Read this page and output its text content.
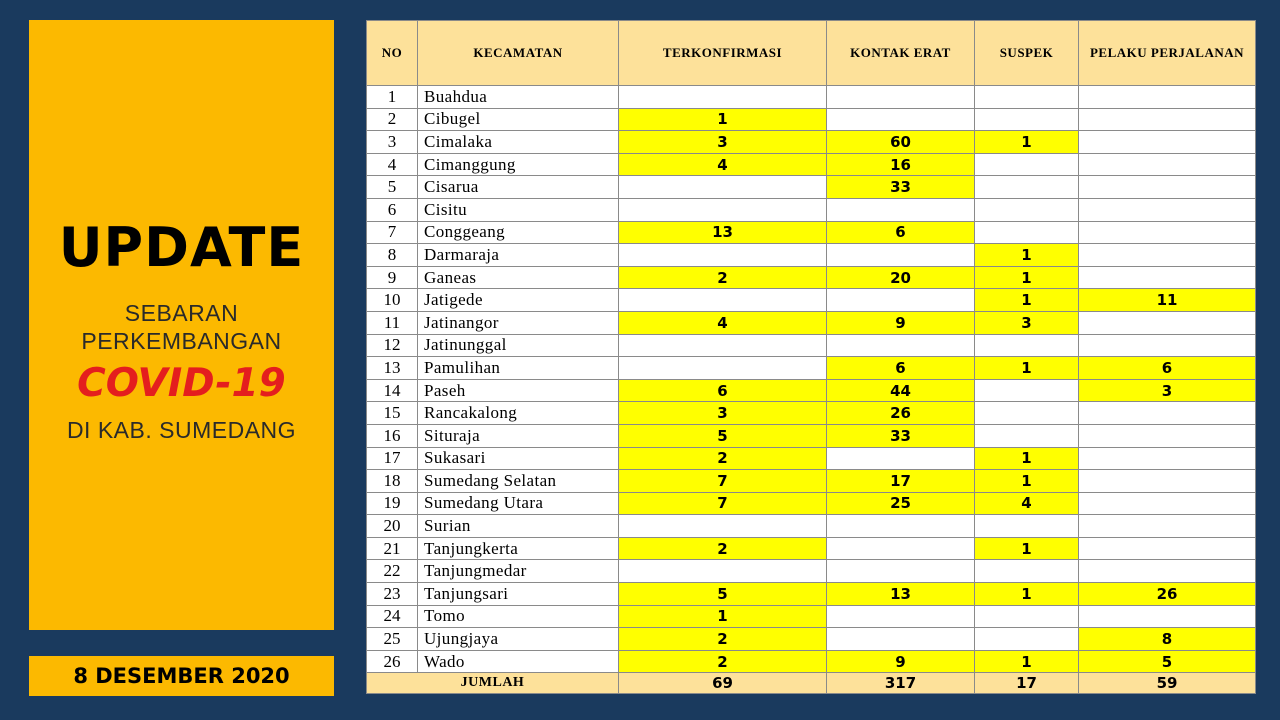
UPDATE
SEBARAN
PERKEMBANGAN
COVID-19
DI KAB. SUMEDANG
8 DESEMBER 2020
NO	KECAMATAN	TERKONFIRMASI	KONTAK ERAT	SUSPEK	PELAKU PERJALANAN
1	Buahdua				
2	Cibugel	1			
3	Cimalaka	3	60	1	
4	Cimanggung	4	16		
5	Cisarua		33		
6	Cisitu				
7	Conggeang	13	6		
8	Darmaraja			1	
9	Ganeas	2	20	1	
10	Jatigede			1	11
11	Jatinangor	4	9	3	
12	Jatinunggal				
13	Pamulihan		6	1	6
14	Paseh	6	44		3
15	Rancakalong	3	26		
16	Situraja	5	33		
17	Sukasari	2		1	
18	Sumedang Selatan	7	17	1	
19	Sumedang Utara	7	25	4	
20	Surian				
21	Tanjungkerta	2		1	
22	Tanjungmedar				
23	Tanjungsari	5	13	1	26
24	Tomo	1			
25	Ujungjaya	2			8
26	Wado	2	9	1	5
JUMLAH		69	317	17	59
